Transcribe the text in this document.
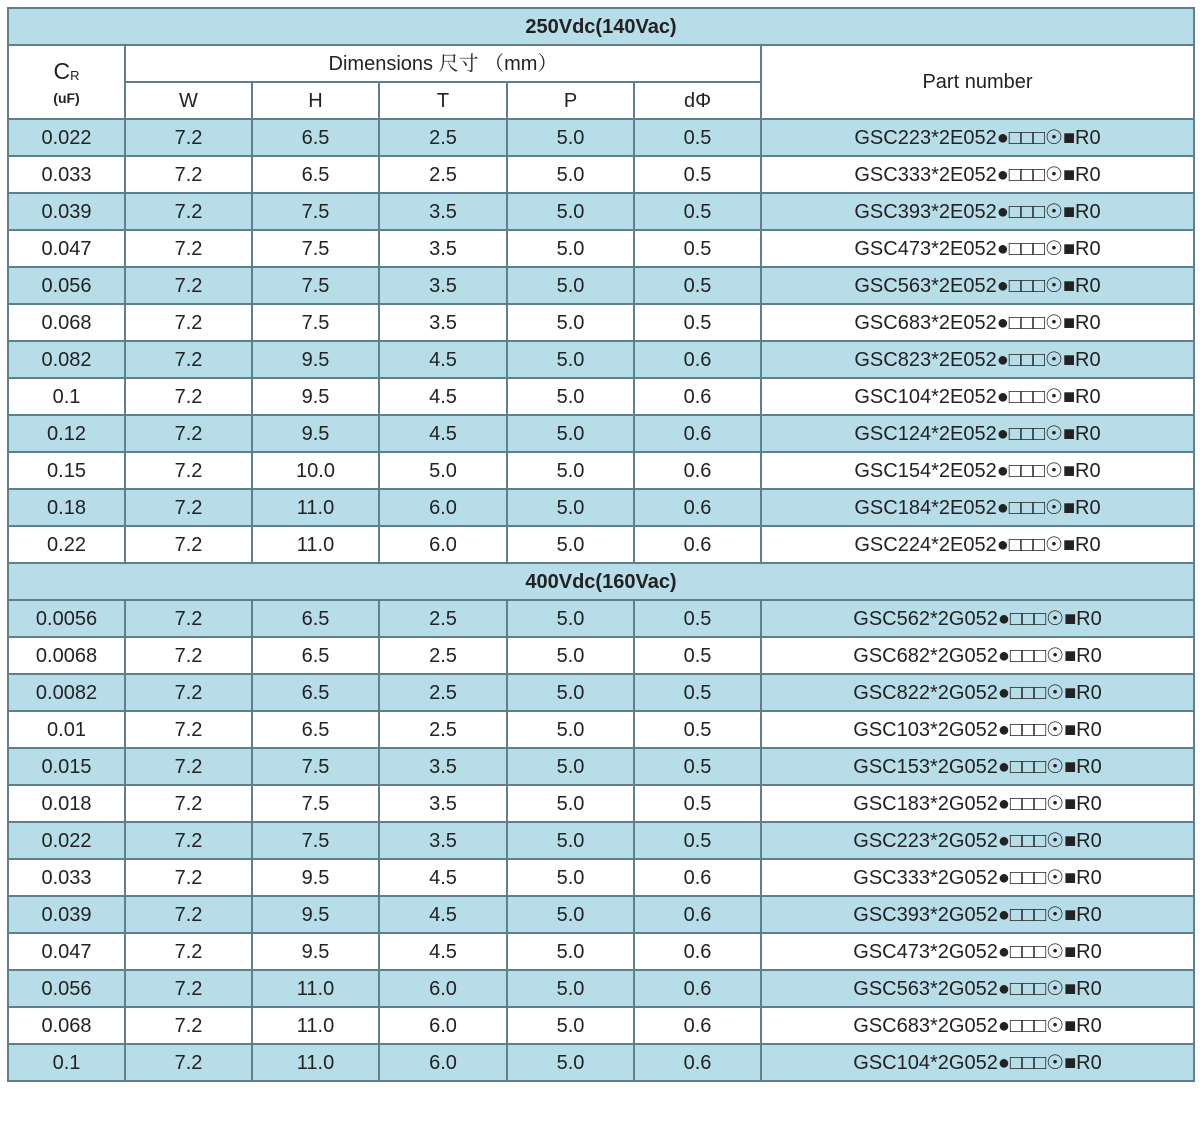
250Vdc(140Vac)						

$C_R$
(uF)	Dimensions 尺寸 （mm）					Part number
	W	H	T	P	dΦ	
0.022	7.2	6.5	2.5	5.0	0.5	GSC223*2E052●□□□☉■R0
0.033	7.2	6.5	2.5	5.0	0.5	GSC333*2E052●□□□☉■R0
0.039	7.2	7.5	3.5	5.0	0.5	GSC393*2E052●□□□☉■R0
0.047	7.2	7.5	3.5	5.0	0.5	GSC473*2E052●□□□☉■R0
0.056	7.2	7.5	3.5	5.0	0.5	GSC563*2E052●□□□☉■R0
0.068	7.2	7.5	3.5	5.0	0.5	GSC683*2E052●□□□☉■R0
0.082	7.2	9.5	4.5	5.0	0.6	GSC823*2E052●□□□☉■R0
0.1	7.2	9.5	4.5	5.0	0.6	GSC104*2E052●□□□☉■R0
0.12	7.2	9.5	4.5	5.0	0.6	GSC124*2E052●□□□☉■R0
0.15	7.2	10.0	5.0	5.0	0.6	GSC154*2E052●□□□☉■R0
0.18	7.2	11.0	6.0	5.0	0.6	GSC184*2E052●□□□☉■R0
0.22	7.2	11.0	6.0	5.0	0.6	GSC224*2E052●□□□☉■R0
400Vdc(160Vac)						
0.0056	7.2	6.5	2.5	5.0	0.5	GSC562*2G052●□□□☉■R0
0.0068	7.2	6.5	2.5	5.0	0.5	GSC682*2G052●□□□☉■R0
0.0082	7.2	6.5	2.5	5.0	0.5	GSC822*2G052●□□□☉■R0
0.01	7.2	6.5	2.5	5.0	0.5	GSC103*2G052●□□□☉■R0
0.015	7.2	7.5	3.5	5.0	0.5	GSC153*2G052●□□□☉■R0
0.018	7.2	7.5	3.5	5.0	0.5	GSC183*2G052●□□□☉■R0
0.022	7.2	7.5	3.5	5.0	0.5	GSC223*2G052●□□□☉■R0
0.033	7.2	9.5	4.5	5.0	0.6	GSC333*2G052●□□□☉■R0
0.039	7.2	9.5	4.5	5.0	0.6	GSC393*2G052●□□□☉■R0
0.047	7.2	9.5	4.5	5.0	0.6	GSC473*2G052●□□□☉■R0
0.056	7.2	11.0	6.0	5.0	0.6	GSC563*2G052●□□□☉■R0
0.068	7.2	11.0	6.0	5.0	0.6	GSC683*2G052●□□□☉■R0
0.1	7.2	11.0	6.0	5.0	0.6	GSC104*2G052●□□□☉■R0
